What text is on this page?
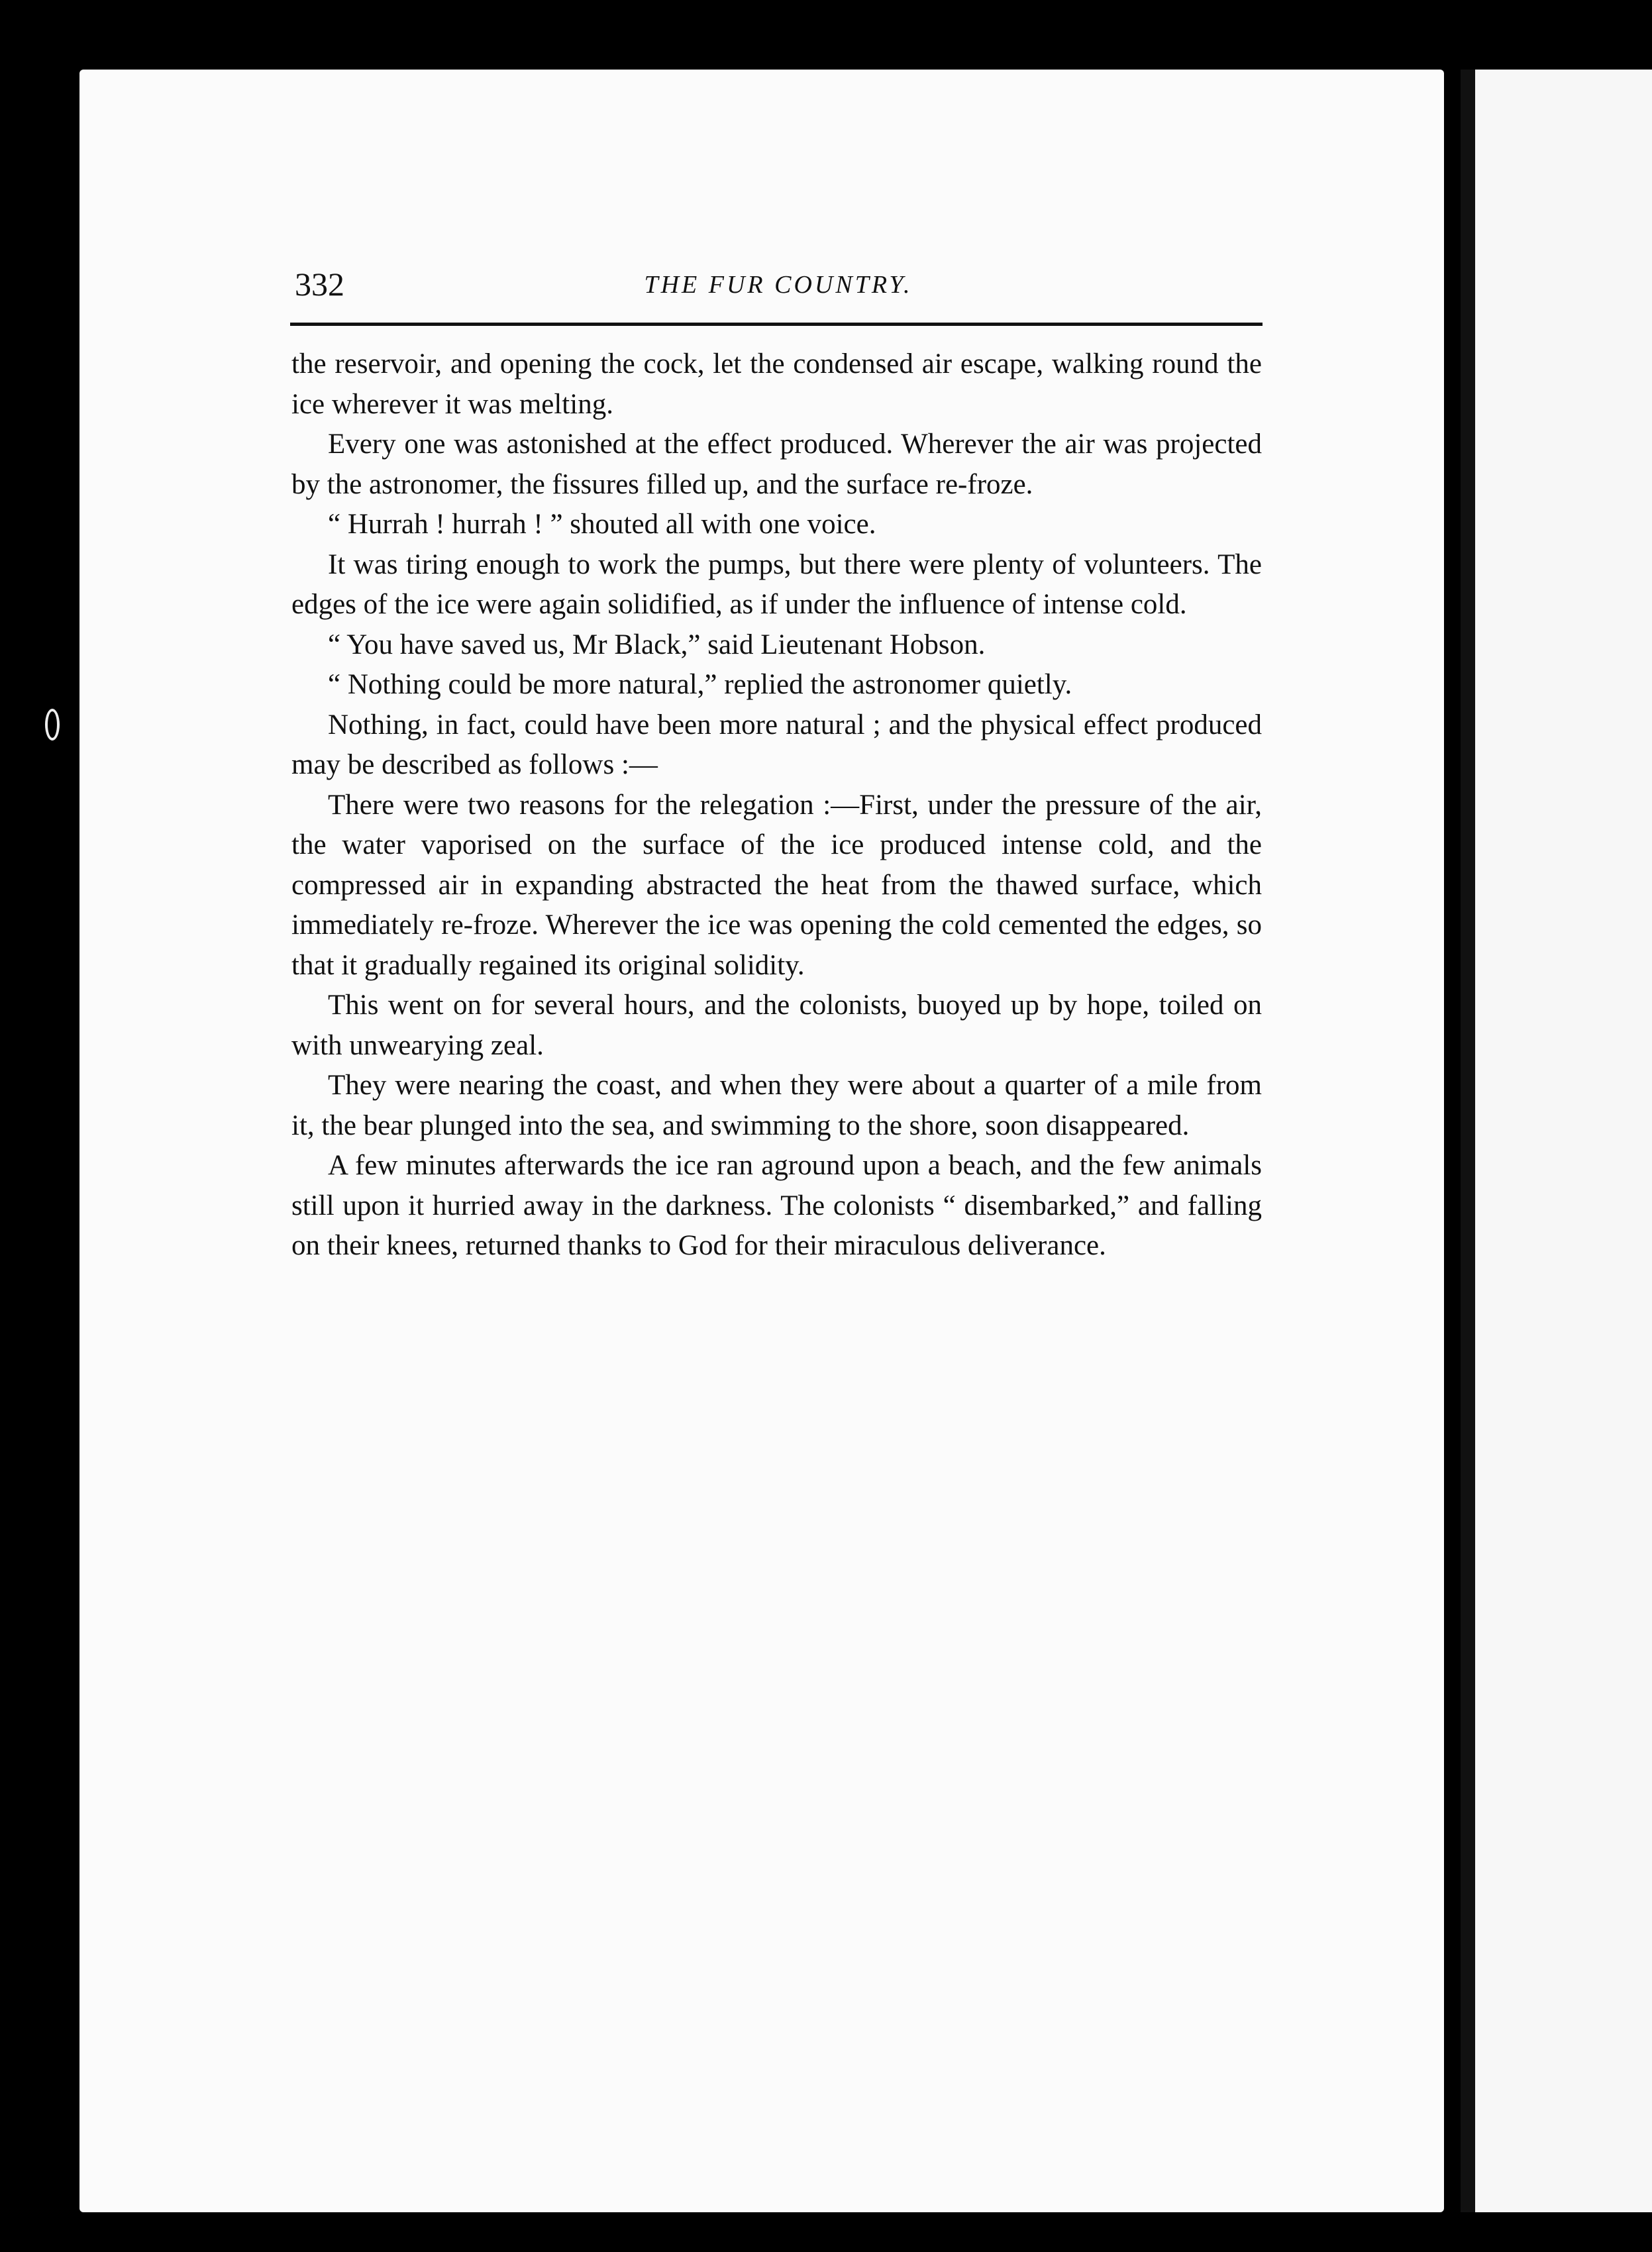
332	THE FUR COUNTRY.

the reservoir, and opening the cock, let the condensed air escape, walking round the ice wherever it was melting.

Every one was astonished at the effect produced. Wherever the air was projected by the astronomer, the fissures filled up, and the surface re-froze.

“ Hurrah ! hurrah ! ” shouted all with one voice.

It was tiring enough to work the pumps, but there were plenty of volunteers. The edges of the ice were again solidified, as if under the influence of intense cold.

“ You have saved us, Mr Black,” said Lieutenant Hobson.

“ Nothing could be more natural,” replied the astronomer quietly.

Nothing, in fact, could have been more natural ; and the physical effect produced may be described as follows :—

There were two reasons for the relegation :—First, under the pressure of the air, the water vaporised on the surface of the ice produced intense cold, and the compressed air in expanding abstracted the heat from the thawed surface, which immediately re-froze. Wherever the ice was opening the cold cemented the edges, so that it gradually regained its original solidity.

This went on for several hours, and the colonists, buoyed up by hope, toiled on with unwearying zeal.

They were nearing the coast, and when they were about a quarter of a mile from it, the bear plunged into the sea, and swimming to the shore, soon disappeared.

A few minutes afterwards the ice ran aground upon a beach, and the few animals still upon it hurried away in the darkness. The colonists “ disembarked,” and falling on their knees, returned thanks to God for their miraculous deliverance.
